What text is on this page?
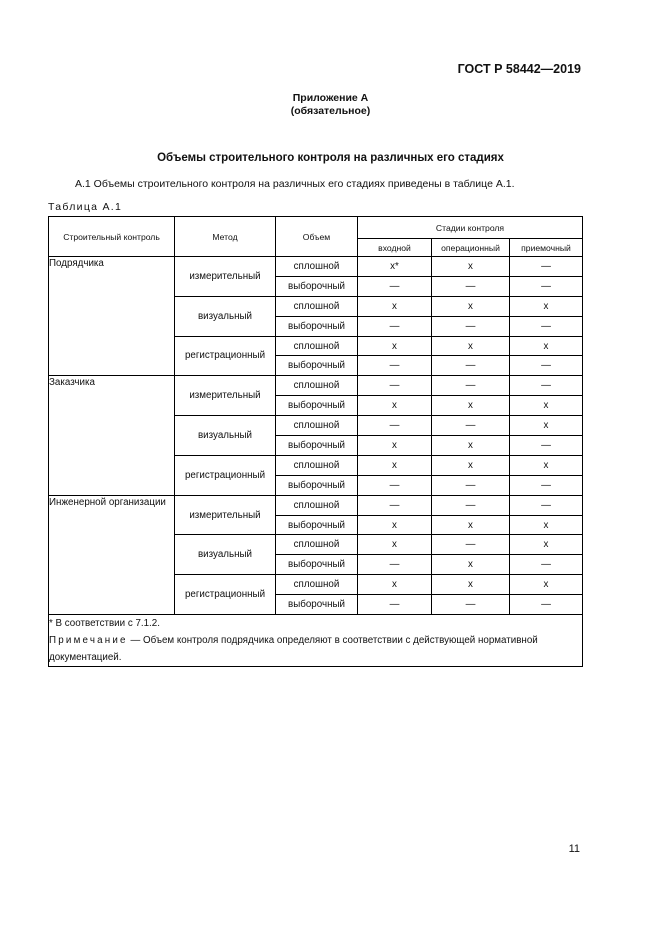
ГОСТ Р 58442—2019
Приложение А
(обязательное)
Объемы строительного контроля на различных его стадиях
А.1 Объемы строительного контроля на различных его стадиях приведены в таблице А.1.
Таблица А.1
Строительный контроль	Метод	Объем	Стадии контроля		
			входной	операционный	приемочный
Подрядчика	измерительный	сплошной	х*	х	—
		выборочный	—	—	—
	визуальный	сплошной	х	х	х
		выборочный	—	—	—
	регистрационный	сплошной	х	х	х
		выборочный	—	—	—
Заказчика	измерительный	сплошной	—	—	—
		выборочный	х	х	х
	визуальный	сплошной	—	—	х
		выборочный	х	х	—
	регистрационный	сплошной	х	х	х
		выборочный	—	—	—
Инженерной организации	измерительный	сплошной	—	—	—
		выборочный	х	х	х
	визуальный	сплошной	х	—	х
		выборочный	—	х	—
	регистрационный	сплошной	х	х	х
		выборочный	—	—	—

* В соответствии с 7.1.2.
Примечание — Объем контроля подрядчика определяют в соответствии с действующей нормативной документацией.					
11
